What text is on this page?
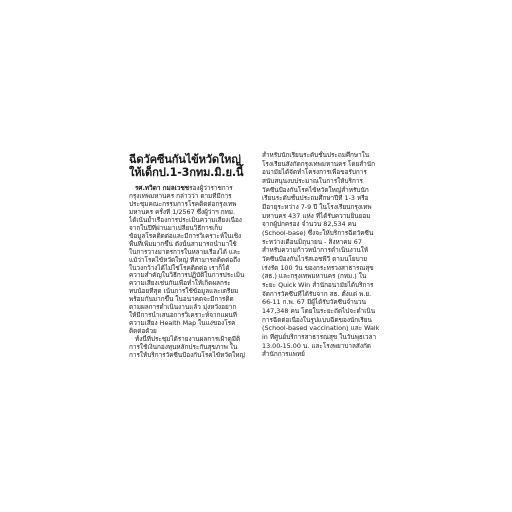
ฉีดวัคซีนกันไข้หวัดใหญ่
ให้เด็กป.1-3กทม.มิ.ย.นี้
รศ.ทวิดา กมลเวชชรองผู้ว่าราชการ
กรุงเทพมหานคร กล่าวว่า ตามที่มีการ
ประชุมคณะกรรมการโรคติดต่อกรุงเทพ
มหานคร ครั้งที่ 1/2567 ซึ่งผู้ว่าฯ กทม.
ได้เน้นย้ำเรื่องการประเมินความเสี่ยงเนื่อง
จากในปีที่ผ่านมาเปลี่ยนวิธีการเก็บ
ข้อมูลโรคติดต่อและมีการวิเคราะห์ในเชิง
พื้นที่เพิ่มมากขึ้น ดังนั้นสามารถนำมาใช้
ในการวางมาตรการในหลายเรื่องได้ และ
แม้ว่าโรคไข้หวัดใหญ่ ที่สามารถติดต่อถึง
ในวงกว้างได้ไม่ใช่โรคติดต่อ เราก็ได้
ความสำคัญในวิธีการปฏิบัติในการประเมิน
ความเสี่ยงเช่นกันเพื่อทำให้เกิดผลกระ
ทบน้อยที่สุด เน้นการใช้ข้อมูลและเตรียม
พร้อมกันมากขึ้น ในอนาคตจะมีการติด
ตามผลการดำเนินงานแล้ว มุ่งหวังอยาก
ให้มีการนำเสนอการวิเคราะห์จากแผนที่
ความเสี่ยง Health Map ในแง่ของโรค
ติดต่อด้วย
ทั้งนี้ที่ประชุมได้รายงานผลการเฝ้าดูมีติ
การใช้เงินกองทุนหลักประกันสุขภาพ ใน
การให้บริการวัคซีนป้องกันโรคไข้หวัดใหญ่
สำหรับนักเรียนระดับชั้นประถมศึกษาใน
โรงเรียนสังกัดกรุงเทพมหานคร โดยสำนัก
อนามัยได้จัดทำโครงการเพื่อขอรับการ
สนับสนุนงบประมาณในการให้บริการ
วัคซีนป้องกันโรคไข้หวัดใหญ่สำหรับนัก
เรียนระดับชั้นประถมศึกษาปีที่ 1-3 หรือ
มีอายุระหว่าง 7-9 ปี ในโรงเรียนกรุงเทพ
มหานคร 437 แห่ง ที่ได้รับความยินยอม
จากผู้ปกครอง จำนวน 82,534 คน
(School-base) ซึ่งจะให้บริการฉีดวัคซีน
ระหว่างเดือนมิถุนายน - สิงหาคม 67
สำหรับความก้าวหน้าการดำเนินงานให้
วัคซีนป้องกันไวรัสเอชพีวี ตามนโยบาย
เร่งรัด 100 วัน ของกระทรวงสาธารณสุข
(สธ.) และกรุงเทพมหานคร (กทม.) ใน
ระยะ Quick Win สำนักอนามัยได้บริการ
จัดการวัคซีนที่ได้รับจาก สธ. ตั้งแต่ พ.ย.
66-11 ก.พ. 67 มีผู้ได้รับวัคซีนจำนวน
147,348 คน โดยในระยะถัดไปจะดำเนิน
การฉีดต่อเนื่องในรูปแบบฉีดของนักเรียน
(School-based vaccination) และ Walk
in ที่ศูนย์บริการสาธารณสุข ในวันพุธเวลา
13.00-15.00 น. และโรงพยาบาลสังกัด
สำนักการแพทย์
